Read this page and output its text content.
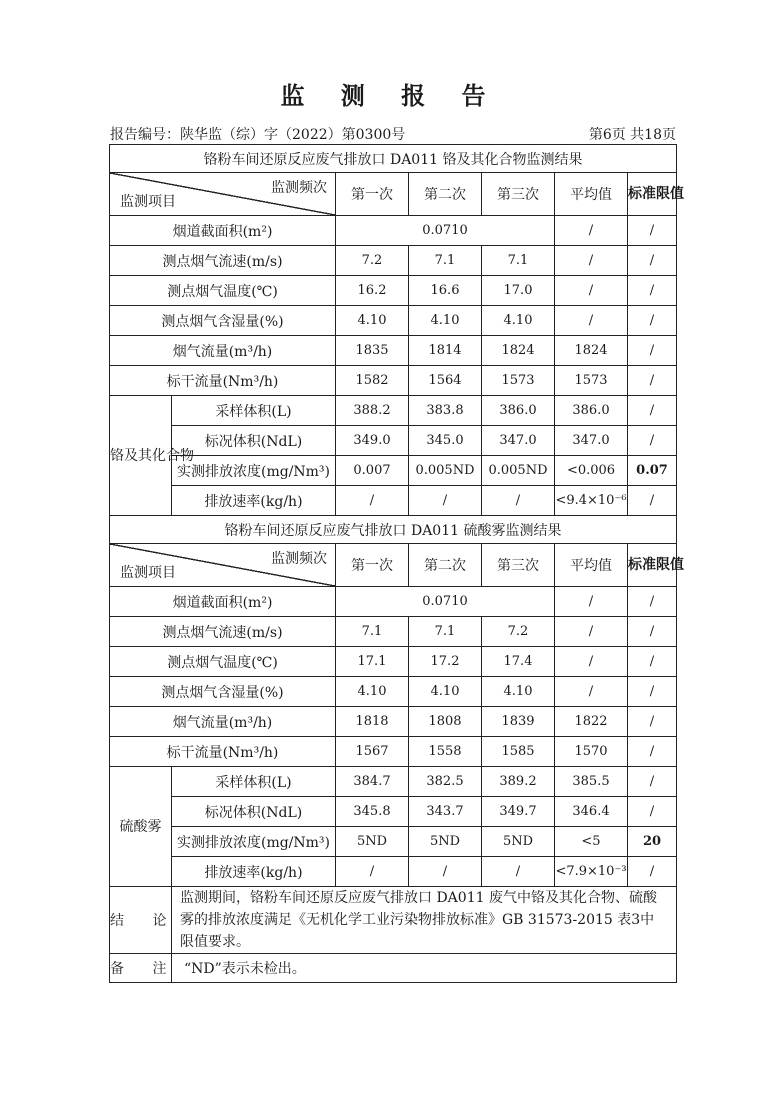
监 测 报 告
报告编号：陕华监（综）字（2022）第0300号	第6页 共18页
铬粉车间还原反应废气排放口 DA011 铬及其化合物监测结果						

监测频次
监测项目		第一次	第二次	第三次	平均值	标准限值
烟道截面积(m²)		0.0710			/	/
测点烟气流速(m/s)		7.2	7.1	7.1	/	/
测点烟气温度(℃)		16.2	16.6	17.0	/	/
测点烟气含湿量(%)		4.10	4.10	4.10	/	/
烟气流量(m³/h)		1835	1814	1824	1824	/
标干流量(Nm³/h)		1582	1564	1573	1573	/
铬及其化合物	采样体积(L)	388.2	383.8	386.0	386.0	/
	标况体积(NdL)	349.0	345.0	347.0	347.0	/
	实测排放浓度(mg/Nm³)	0.007	0.005ND	0.005ND	<0.006	0.07
	排放速率(kg/h)	/	/	/	<9.4×10⁻⁶	/
铬粉车间还原反应废气排放口 DA011 硫酸雾监测结果						

监测频次
监测项目		第一次	第二次	第三次	平均值	标准限值
烟道截面积(m²)		0.0710			/	/
测点烟气流速(m/s)		7.1	7.1	7.2	/	/
测点烟气温度(℃)		17.1	17.2	17.4	/	/
测点烟气含湿量(%)		4.10	4.10	4.10	/	/
烟气流量(m³/h)		1818	1808	1839	1822	/
标干流量(Nm³/h)		1567	1558	1585	1570	/
硫酸雾	采样体积(L)	384.7	382.5	389.2	385.5	/
	标况体积(NdL)	345.8	343.7	349.7	346.4	/
	实测排放浓度(mg/Nm³)	5ND	5ND	5ND	<5	20
	排放速率(kg/h)	/	/	/	<7.9×10⁻³	/
结 论	监测期间，铬粉车间还原反应废气排放口 DA011 废气中铬及其化合物、硫酸雾的排放浓度满足《无机化学工业污染物排放标准》GB 31573-2015 表3中限值要求。					
备 注	“ND”表示未检出。					
